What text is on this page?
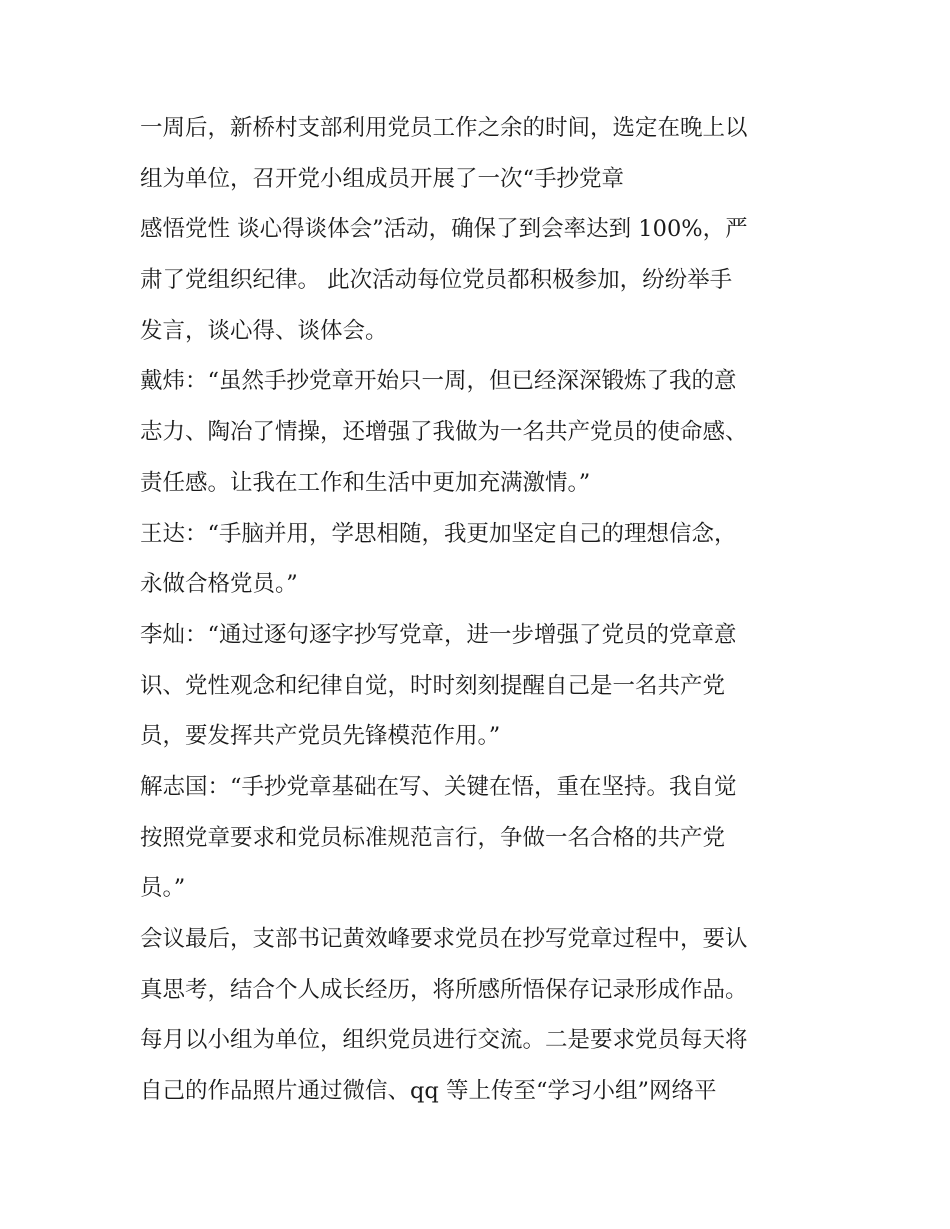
一周后，新桥村支部利用党员工作之余的时间，选定在晚上以
组为单位，召开党小组成员开展了一次“手抄党章
感悟党性 谈心得谈体会”活动，确保了到会率达到 100%，严
肃了党组织纪律。 此次活动每位党员都积极参加，纷纷举手
发言，谈心得、谈体会。
戴炜：“虽然手抄党章开始只一周，但已经深深锻炼了我的意
志力、陶冶了情操，还增强了我做为一名共产党员的使命感、
责任感。让我在工作和生活中更加充满激情。”
王达：“手脑并用，学思相随，我更加坚定自己的理想信念，
永做合格党员。”
李灿：“通过逐句逐字抄写党章，进一步增强了党员的党章意
识、党性观念和纪律自觉，时时刻刻提醒自己是一名共产党
员，要发挥共产党员先锋模范作用。”
解志国：“手抄党章基础在写、关键在悟，重在坚持。我自觉
按照党章要求和党员标准规范言行，争做一名合格的共产党
员。”
会议最后，支部书记黄效峰要求党员在抄写党章过程中，要认
真思考，结合个人成长经历，将所感所悟保存记录形成作品。
每月以小组为单位，组织党员进行交流。二是要求党员每天将
自己的作品照片通过微信、qq 等上传至“学习小组”网络平
